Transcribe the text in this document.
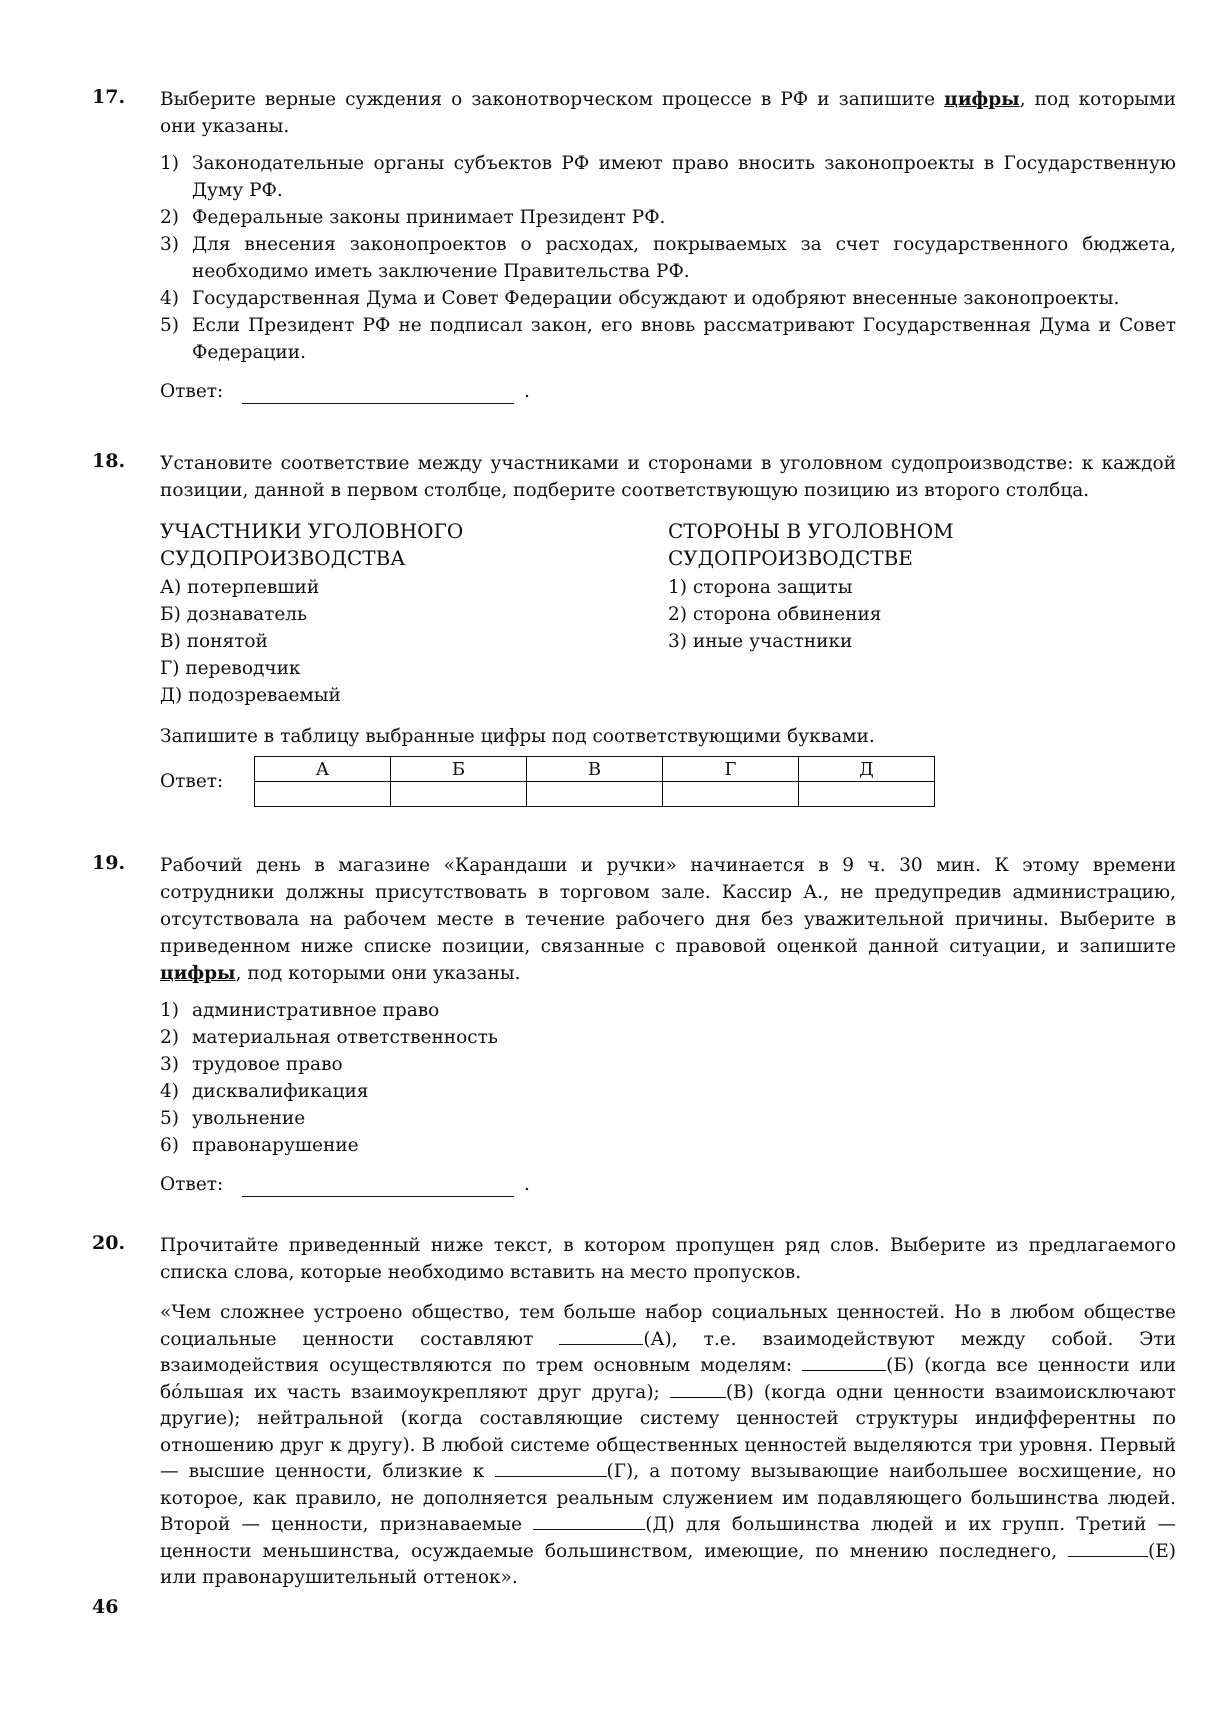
17.	Выберите верные суждения о законотворческом процессе в РФ и запишите цифры, под которыми они указаны.
1) Законодательные органы субъектов РФ имеют право вносить законопроекты в Государственную Думу РФ.
2) Федеральные законы принимает Президент РФ.
3) Для внесения законопроектов о расходах, покрываемых за счет государственного бюджета, необходимо иметь заключение Правительства РФ.
4) Государственная Дума и Совет Федерации обсуждают и одобряют внесенные законопроекты.
5) Если Президент РФ не подписал закон, его вновь рассматривают Государственная Дума и Совет Федерации.
Ответ:	.
18.	Установите соответствие между участниками и сторонами в уголовном судопроизводстве: к каждой позиции, данной в первом столбце, подберите соответствующую позицию из второго столбца.
УЧАСТНИКИ УГОЛОВНОГО
СУДОПРОИЗВОДСТВА
А) потерпевший
Б) дознаватель
В) понятой
Г) переводчик
Д) подозреваемый
СТОРОНЫ В УГОЛОВНОМ
СУДОПРОИЗВОДСТВЕ
1) сторона защиты
2) сторона обвинения
3) иные участники
Запишите в таблицу выбранные цифры под соответствующими буквами.
Ответ:
А	Б	В	Г	Д

19.	Рабочий день в магазине «Карандаши и ручки» начинается в 9 ч. 30 мин. К этому времени сотрудники должны присутствовать в торговом зале. Кассир А., не предупредив администрацию, отсутствовала на рабочем месте в течение рабочего дня без уважительной причины. Выберите в приведенном ниже списке позиции, связанные с правовой оценкой данной ситуации, и запишите цифры, под которыми они указаны.
1) административное право
2) материальная ответственность
3) трудовое право
4) дисквалификация
5) увольнение
6) правонарушение
Ответ:	.
20.	Прочитайте приведенный ниже текст, в котором пропущен ряд слов. Выберите из предлагаемого списка слова, которые необходимо вставить на место пропусков.
«Чем сложнее устроено общество, тем больше набор социальных ценностей. Но в любом обществе социальные ценности составляют	(А), т.е. взаимодействуют между собой. Эти взаимодействия осуществляются по трем основным моделям:	(Б) (когда все ценности или бóльшая их часть взаимоукрепляют друг друга);	(В) (когда одни ценности взаимоисключают другие); нейтральной (когда составляющие систему ценностей структуры индифферентны по отношению друг к другу). В любой системе общественных ценностей выделяются три уровня. Первый — высшие ценности, близкие к	(Г), а потому вызывающие наибольшее восхищение, но которое, как правило, не дополняется реальным служением им подавляющего большинства людей. Второй — ценности, признаваемые	(Д) для большинства людей и их групп. Третий — ценности меньшинства, осуждаемые большинством, имеющие, по мнению последнего,	(Е) или правонарушительный оттенок».
46
